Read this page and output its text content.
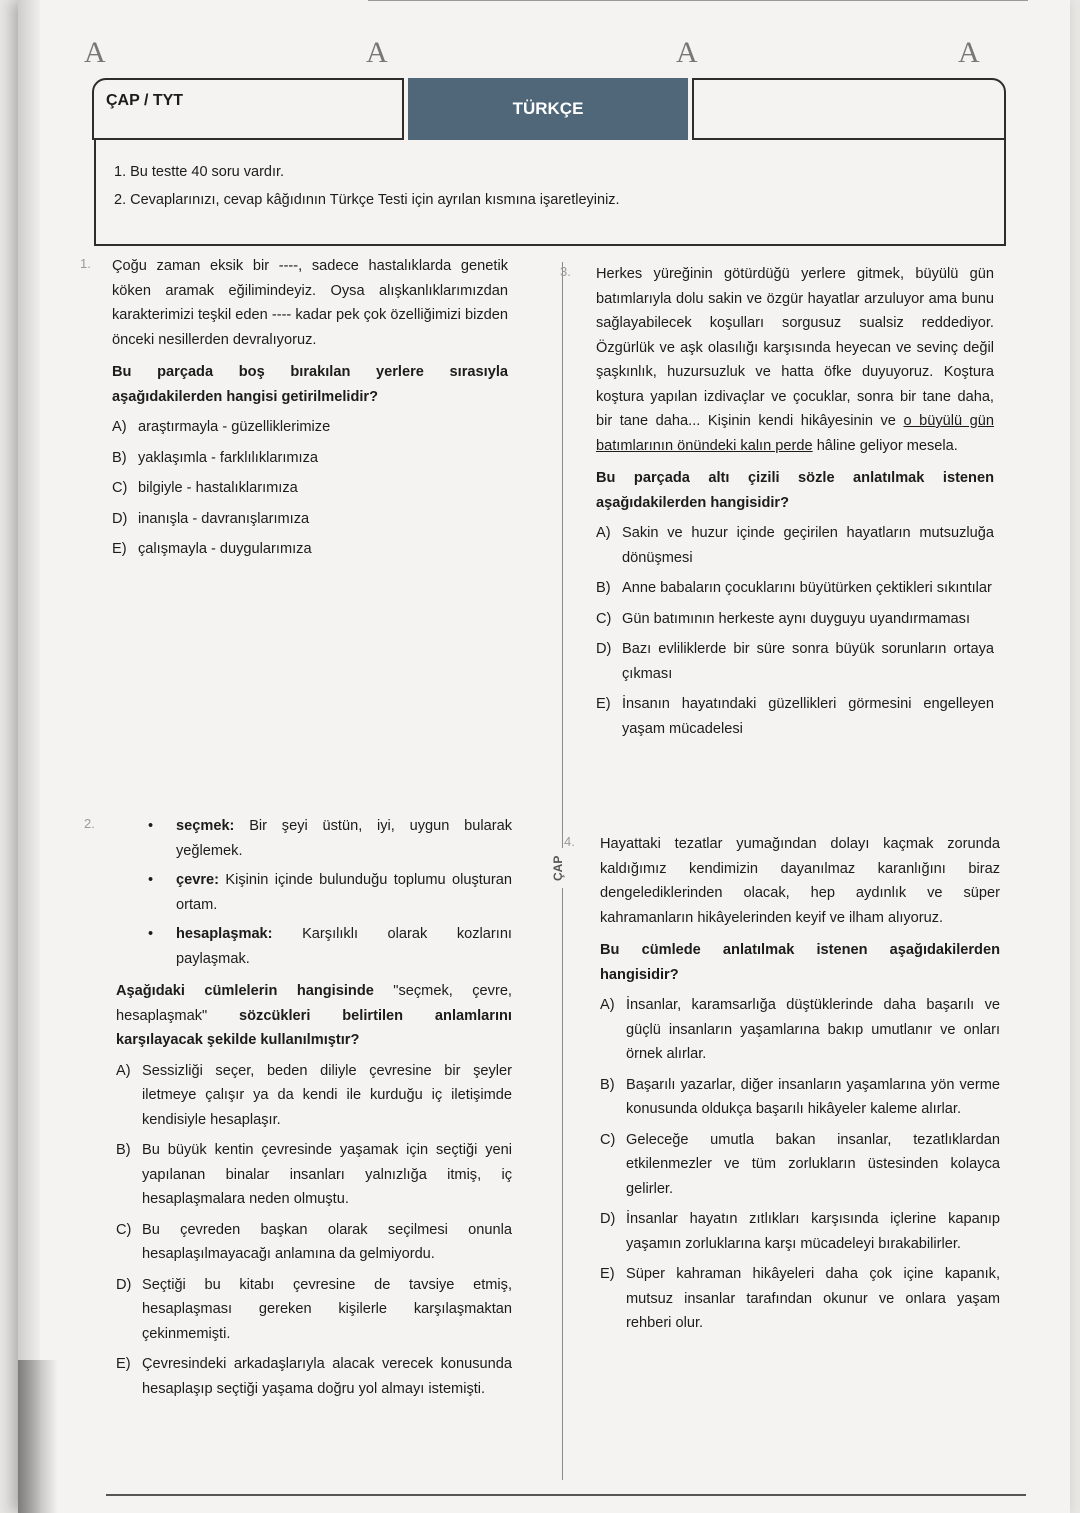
A	A	A	A
ÇAP / TYT	TÜRKÇE
1. Bu testte 40 soru vardır.
2. Cevaplarınızı, cevap kâğıdının Türkçe Testi için ayrılan kısmına işaretleyiniz.
ÇAP
1. Çoğu zaman eksik bir ----, sadece hastalıklarda genetik köken aramak eğilimindeyiz. Oysa alışkanlıklarımızdan karakterimizi teşkil eden ---- kadar pek çok özelliğimizi bizden önceki nesillerden devralıyoruz.

Bu parçada boş bırakılan yerlere sırasıyla aşağıdakilerden hangisi getirilmelidir?

A) araştırmayla - güzelliklerimize
B) yaklaşımla - farklılıklarımıza
C) bilgiyle - hastalıklarımıza
D) inanışla - davranışlarımıza
E) çalışmayla - duygularımıza
2.	•	seçmek: Bir şeyi üstün, iyi, uygun bularak yeğlemek.
•	çevre: Kişinin içinde bulunduğu toplumu oluşturan ortam.
•	hesaplaşmak: Karşılıklı olarak kozlarını paylaşmak.

Aşağıdaki cümlelerin hangisinde "seçmek, çevre, hesaplaşmak" sözcükleri belirtilen anlamlarını karşılayacak şekilde kullanılmıştır?

A) Sessizliği seçer, beden diliyle çevresine bir şeyler iletmeye çalışır ya da kendi ile kurduğu iç iletişimde kendisiyle hesaplaşır.
B) Bu büyük kentin çevresinde yaşamak için seçtiği yeni yapılanan binalar insanları yalnızlığa itmiş, iç hesaplaşmalara neden olmuştu.
C) Bu çevreden başkan olarak seçilmesi onunla hesaplaşılmayacağı anlamına da gelmiyordu.
D) Seçtiği bu kitabı çevresine de tavsiye etmiş, hesaplaşması gereken kişilerle karşılaşmaktan çekinmemişti.
E) Çevresindeki arkadaşlarıyla alacak verecek konusunda hesaplaşıp seçtiği yaşama doğru yol almayı istemişti.
3. Herkes yüreğinin götürdüğü yerlere gitmek, büyülü gün batımlarıyla dolu sakin ve özgür hayatlar arzuluyor ama bunu sağlayabilecek koşulları sorgusuz sualsiz reddediyor. Özgürlük ve aşk olasılığı karşısında heyecan ve sevinç değil şaşkınlık, huzursuzluk ve hatta öfke duyuyoruz. Koştura koştura yapılan izdivaçlar ve çocuklar, sonra bir tane daha, bir tane daha... Kişinin kendi hikâyesinin ve o büyülü gün batımlarının önündeki kalın perde hâline geliyor mesela.

Bu parçada altı çizili sözle anlatılmak istenen aşağıdakilerden hangisidir?

A) Sakin ve huzur içinde geçirilen hayatların mutsuzluğa dönüşmesi
B) Anne babaların çocuklarını büyütürken çektikleri sıkıntılar
C) Gün batımının herkeste aynı duyguyu uyandırmaması
D) Bazı evliliklerde bir süre sonra büyük sorunların ortaya çıkması
E) İnsanın hayatındaki güzellikleri görmesini engelleyen yaşam mücadelesi
4. Hayattaki tezatlar yumağından dolayı kaçmak zorunda kaldığımız kendimizin dayanılmaz karanlığını biraz dengelediklerinden olacak, hep aydınlık ve süper kahramanların hikâyelerinden keyif ve ilham alıyoruz.

Bu cümlede anlatılmak istenen aşağıdakilerden hangisidir?

A) İnsanlar, karamsarlığa düştüklerinde daha başarılı ve güçlü insanların yaşamlarına bakıp umutlanır ve onları örnek alırlar.
B) Başarılı yazarlar, diğer insanların yaşamlarına yön verme konusunda oldukça başarılı hikâyeler kaleme alırlar.
C) Geleceğe umutla bakan insanlar, tezatlıklardan etkilenmezler ve tüm zorlukların üstesinden kolayca gelirler.
D) İnsanlar hayatın zıtlıkları karşısında içlerine kapanıp yaşamın zorluklarına karşı mücadeleyi bırakabilirler.
E) Süper kahraman hikâyeleri daha çok içine kapanık, mutsuz insanlar tarafından okunur ve onlara yaşam rehberi olur.
